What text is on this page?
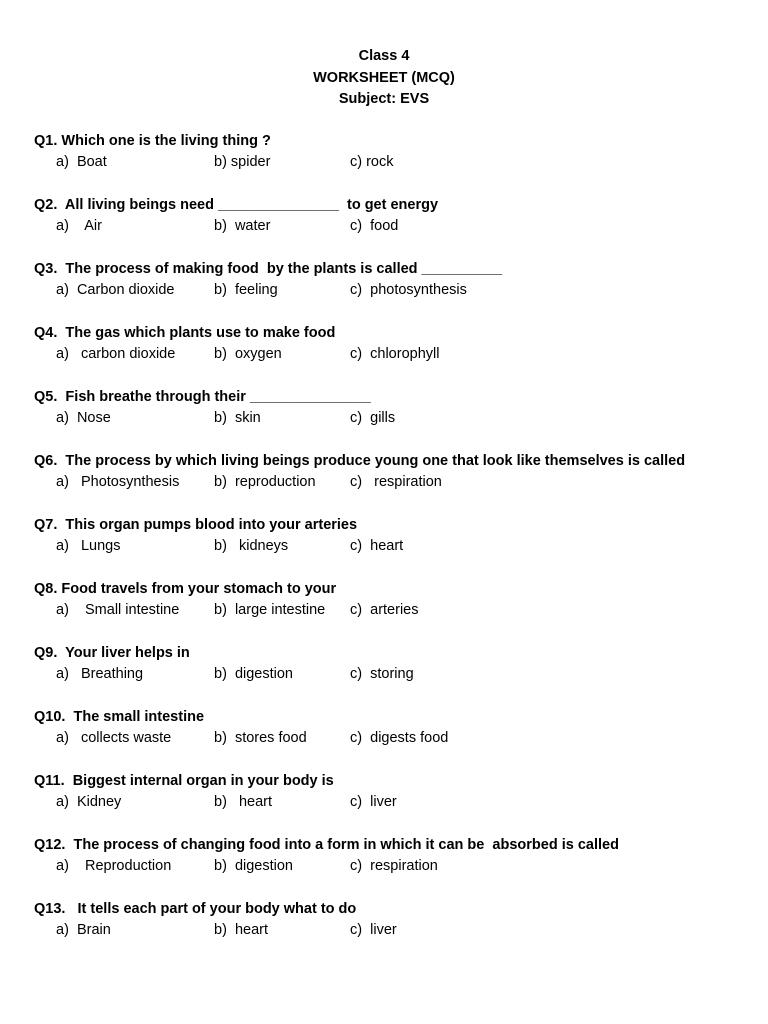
Class 4
WORKSHEET (MCQ)
Subject: EVS
Q1. Which one is the living thing ?
a)  Boat	b) spider	c) rock
Q2.  All living beings need _______________  to get energy
a)    Air	b)  water	c)  food
Q3.  The process of making food  by the plants is called __________
a)  Carbon dioxide	b)  feeling	c)  photosynthesis
Q4.  The gas which plants use to make food
a)   carbon dioxide	b)  oxygen	c)  chlorophyll
Q5.  Fish breathe through their _______________
a)  Nose	b)  skin	c)  gills
Q6.  The process by which living beings produce young one that look like themselves is called
a)   Photosynthesis b)  reproduction c)   respiration
Q7.  This organ pumps blood into your arteries
a)   Lungs	b)   kidneys	c)  heart
Q8. Food travels from your stomach to your
a)    Small intestine b)  large intestine c)  arteries
Q9.  Your liver helps in
a)   Breathing	b)  digestion	c)  storing
Q10.  The small intestine
a)   collects waste	b)  stores food	c)  digests food
Q11.  Biggest internal organ in your body is
a)  Kidney	b)   heart	c)  liver
Q12.  The process of changing food into a form in which it can be  absorbed is called
a)    Reproduction	b)  digestion	c)  respiration
Q13.   It tells each part of your body what to do
a)  Brain	b)  heart	c)  liver
